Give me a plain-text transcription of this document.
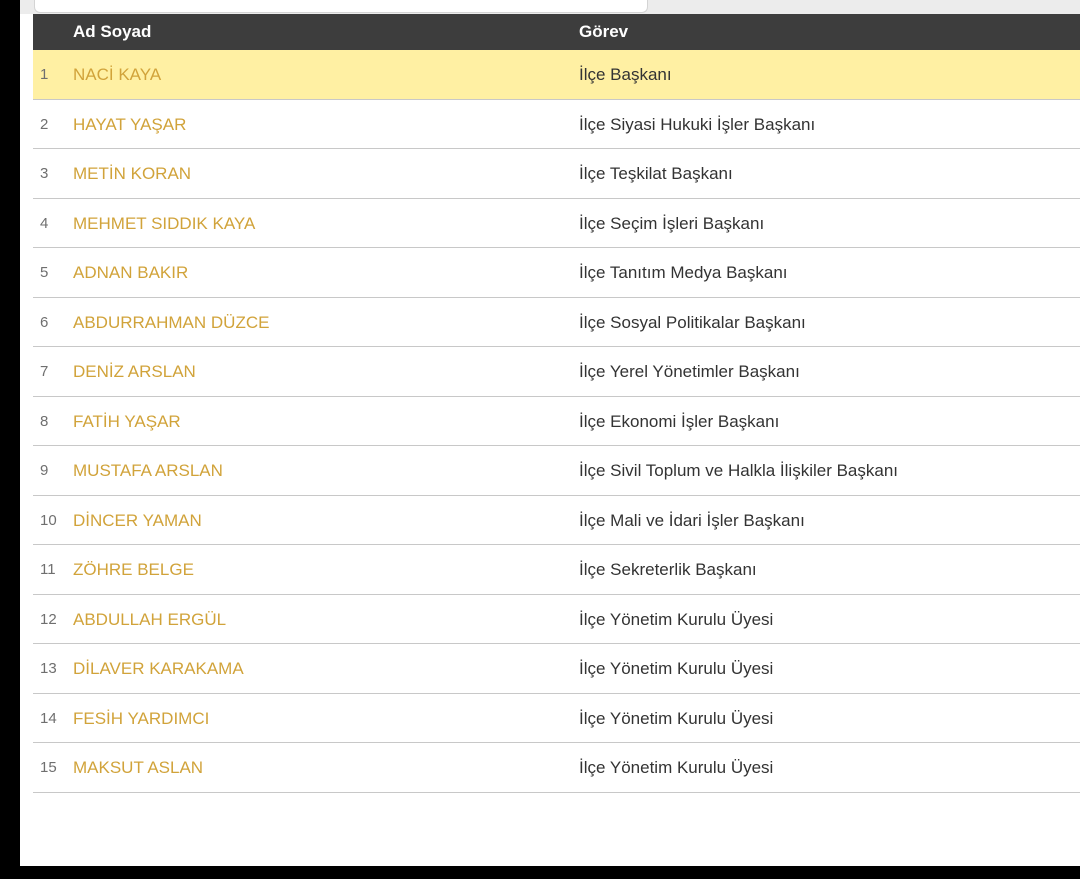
Ad Soyad	Görev
1 NACİ KAYA	İlçe Başkanı
2 HAYAT YAŞAR	İlçe Siyasi Hukuki İşler Başkanı
3 METİN KORAN	İlçe Teşkilat Başkanı
4 MEHMET SIDDIK KAYA	İlçe Seçim İşleri Başkanı
5 ADNAN BAKIR	İlçe Tanıtım Medya Başkanı
6 ABDURRAHMAN DÜZCE	İlçe Sosyal Politikalar Başkanı
7 DENİZ ARSLAN	İlçe Yerel Yönetimler Başkanı
8 FATİH YAŞAR	İlçe Ekonomi İşler Başkanı
9 MUSTAFA ARSLAN	İlçe Sivil Toplum ve Halkla İlişkiler Başkanı
10 DİNCER YAMAN	İlçe Mali ve İdari İşler Başkanı
11 ZÖHRE BELGE	İlçe Sekreterlik Başkanı
12 ABDULLAH ERGÜL	İlçe Yönetim Kurulu Üyesi
13 DİLAVER KARAKAMA	İlçe Yönetim Kurulu Üyesi
14 FESİH YARDIMCI	İlçe Yönetim Kurulu Üyesi
15 MAKSUT ASLAN	İlçe Yönetim Kurulu Üyesi
